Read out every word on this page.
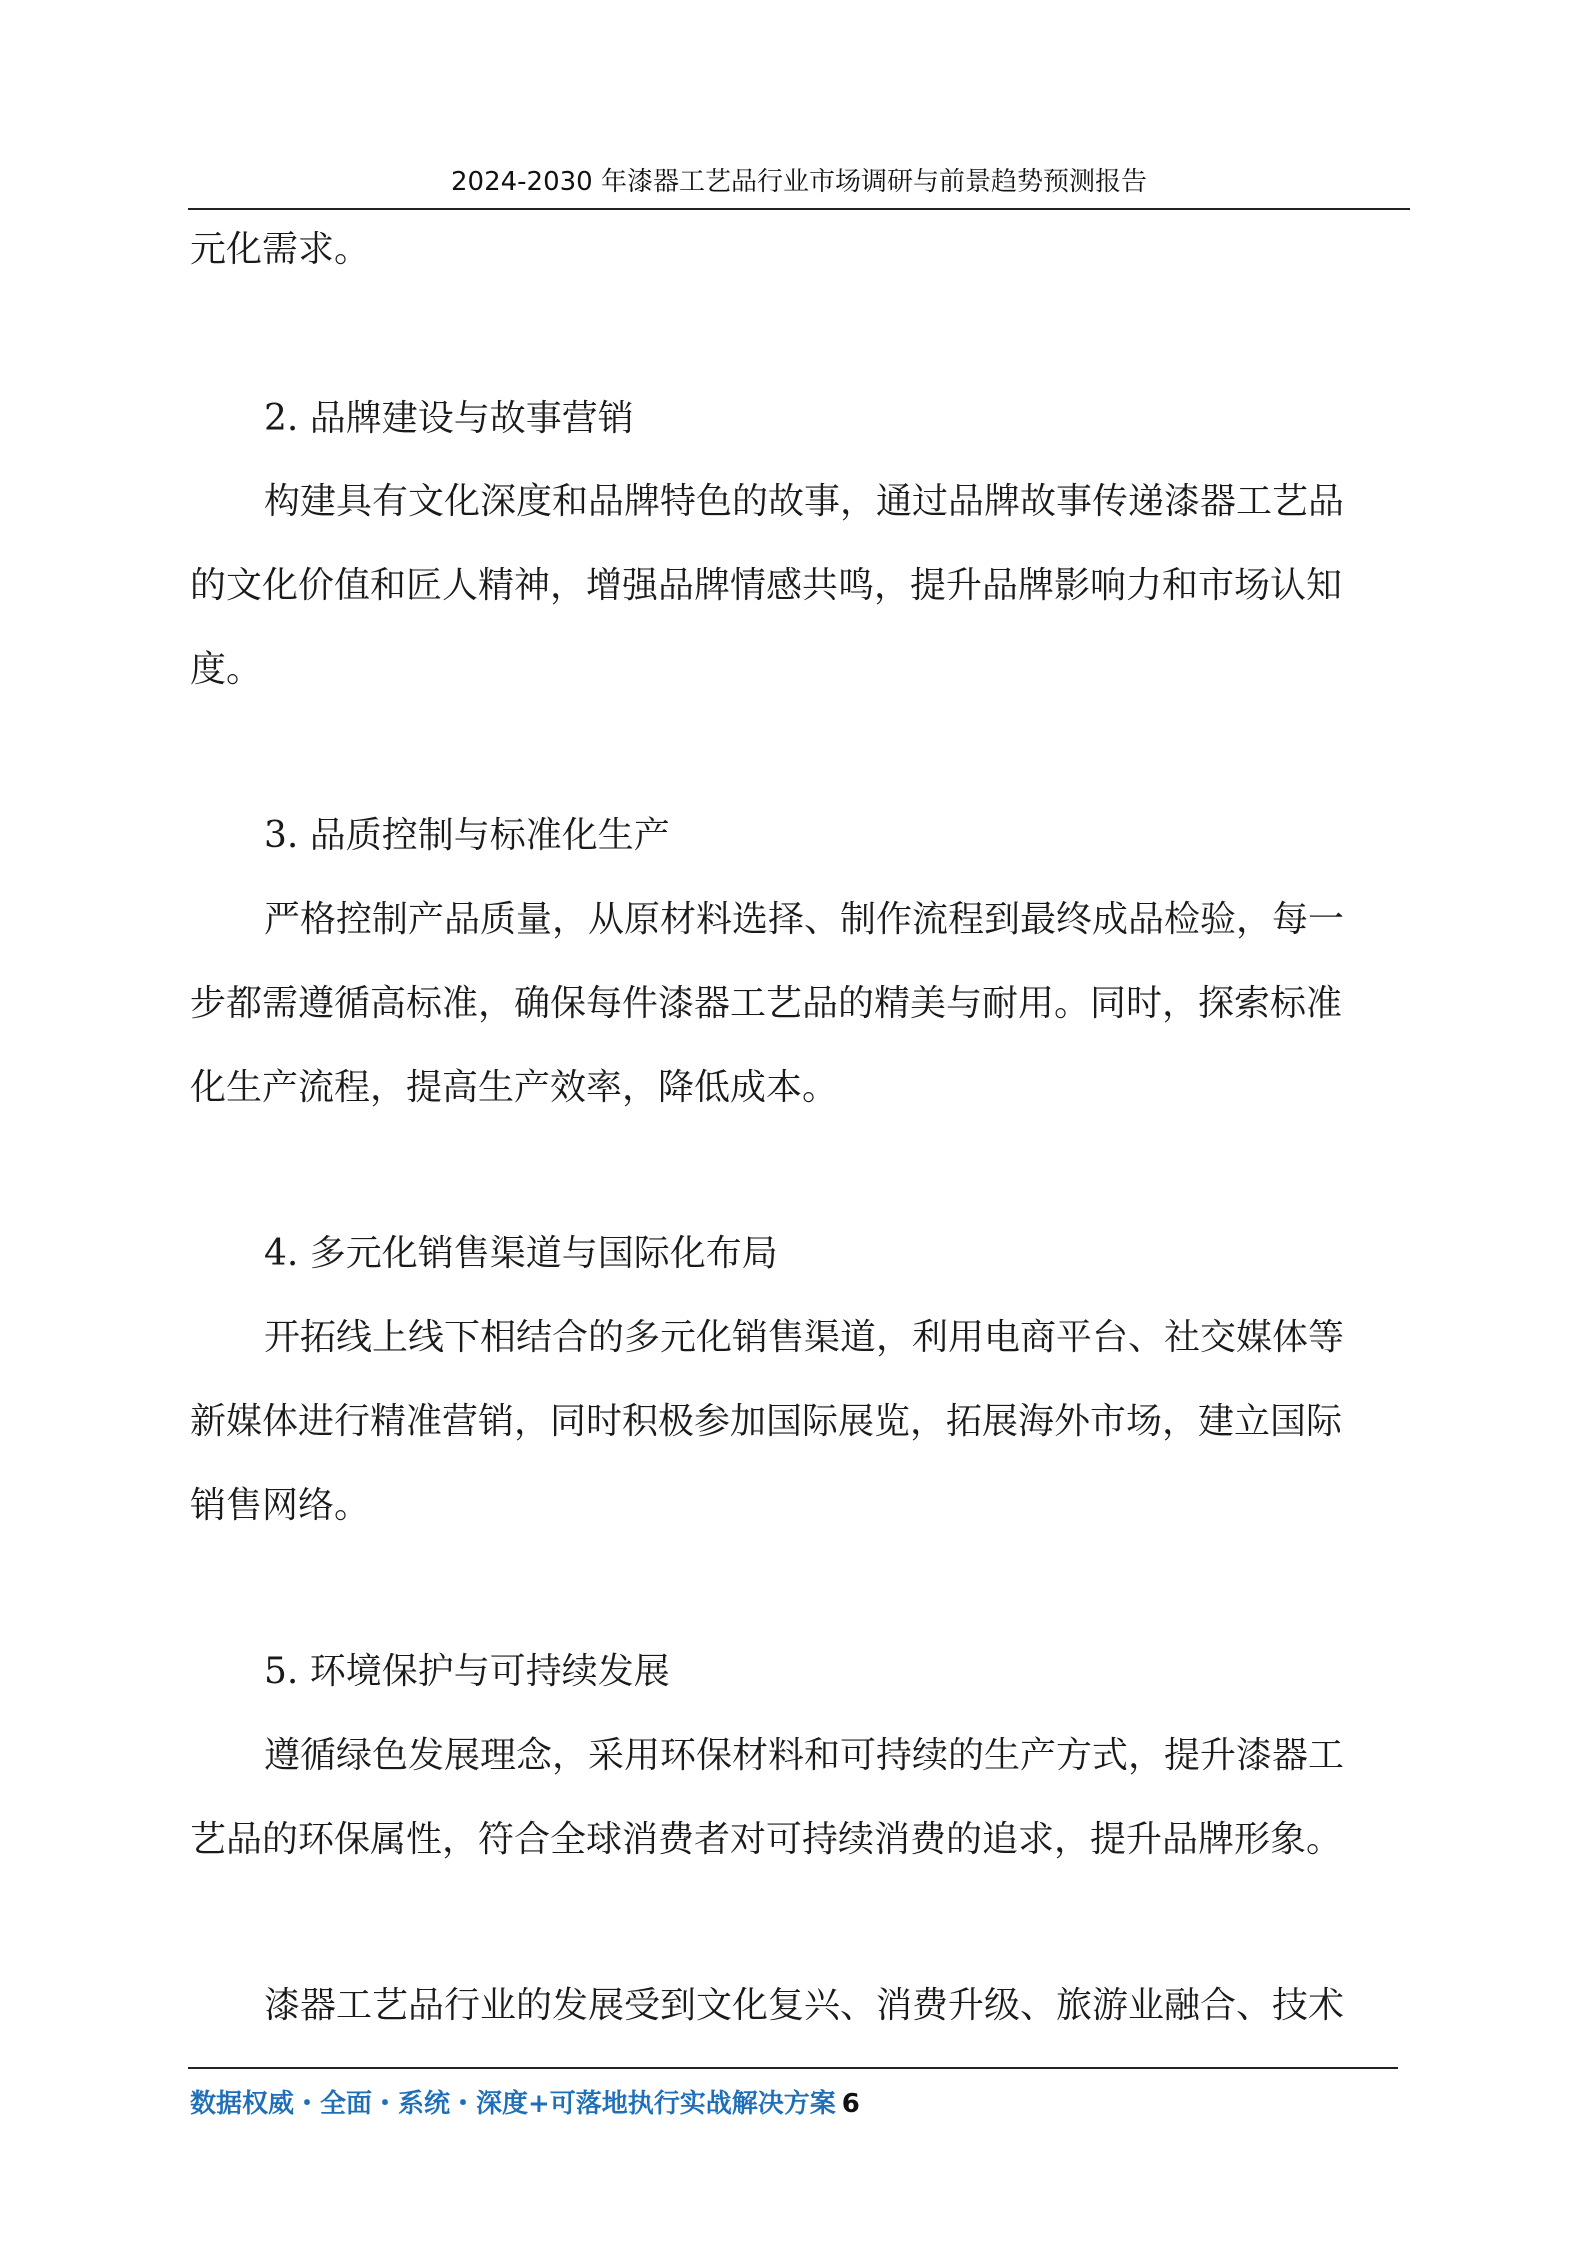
2024-2030 年漆器工艺品行业市场调研与前景趋势预测报告
元化需求。
2. 品牌建设与故事营销
构建具有文化深度和品牌特色的故事，通过品牌故事传递漆器工艺品
的文化价值和匠人精神，增强品牌情感共鸣，提升品牌影响力和市场认知
度。
3. 品质控制与标准化生产
严格控制产品质量，从原材料选择、制作流程到最终成品检验，每一
步都需遵循高标准，确保每件漆器工艺品的精美与耐用。同时，探索标准
化生产流程，提高生产效率，降低成本。
4. 多元化销售渠道与国际化布局
开拓线上线下相结合的多元化销售渠道，利用电商平台、社交媒体等
新媒体进行精准营销，同时积极参加国际展览，拓展海外市场，建立国际
销售网络。
5. 环境保护与可持续发展
遵循绿色发展理念，采用环保材料和可持续的生产方式，提升漆器工
艺品的环保属性，符合全球消费者对可持续消费的追求，提升品牌形象。
漆器工艺品行业的发展受到文化复兴、消费升级、旅游业融合、技术
数据权威・全面・系统・深度+可落地执行实战解决方案 6
